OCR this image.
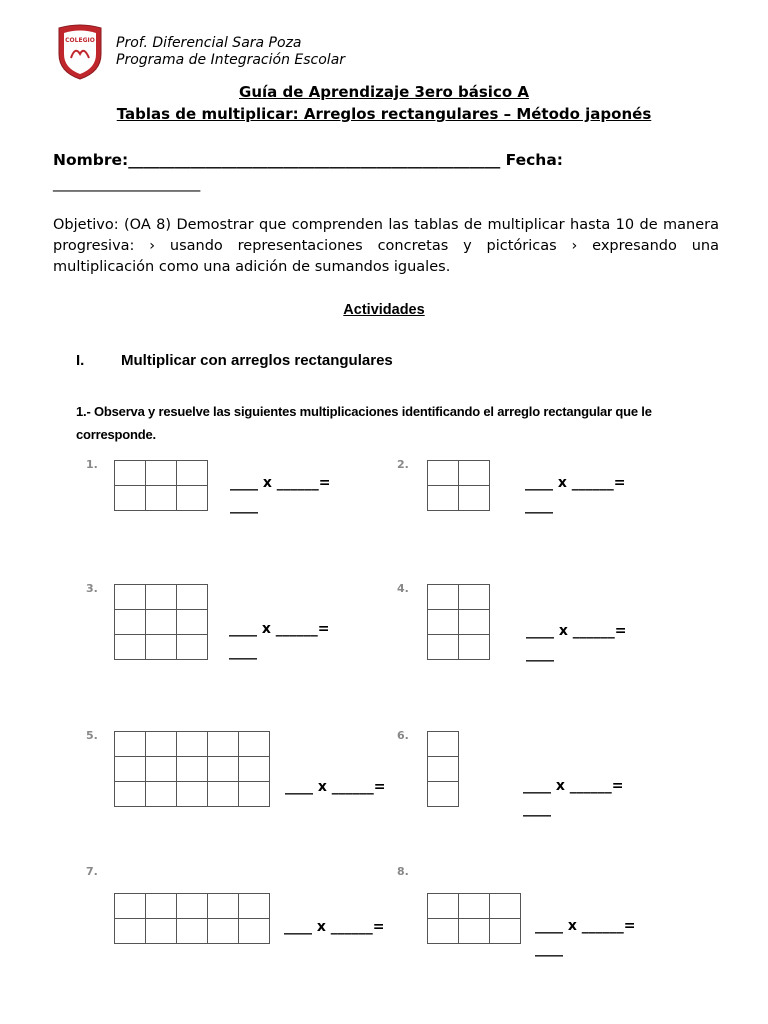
COLEGIO Prof. Diferencial Sara Poza
Programa de Integración Escolar
Guía de Aprendizaje 3ero básico A
Tablas de multiplicar: Arreglos rectangulares – Método japonés
Nombre:________________________________________________ Fecha:
___________________
Objetivo: (OA 8) Demostrar que comprenden las tablas de multiplicar hasta 10 de manera progresiva: › usando representaciones concretas y pictóricas › expresando una multiplicación como una adición de sumandos iguales.
Actividades
I. Multiplicar con arreglos rectangulares
1.- Observa y resuelve las siguientes multiplicaciones identificando el arreglo rectangular que le corresponde.
1.

____ x ______=
____
2.

____ x ______=
____
3.

____ x ______=
____
4.

____ x ______=
____
5.

____ x ______=
6.

____ x ______=
____
7.

____ x ______=
8.

____ x ______=
____
